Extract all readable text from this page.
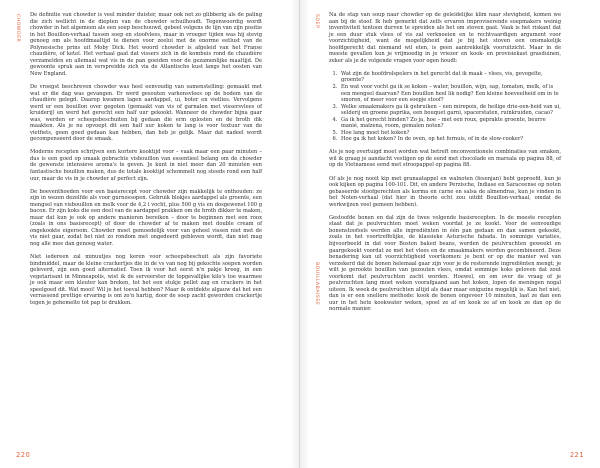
CHOWDER De definitie van chowder is veel minder duister, maar ook net zo glibberig als de paling die zich wellicht in de diepten van de chowder schuilhoudt. Tegenwoordig wordt chowder in het algemeen als een soep beschouwd, gebeel volgens de lijn van zijn positie in het Bouillon-verhaal tussen soep en stoofvlees, maar in vroeger tijden was hij stevig genoeg om als hoofdmaaltijd te dienen voor zeelui met de enorme eetlust van de Polynesische prins uit Moby Dick. Het woord chowder is afgeleid van het Franse chaudière, of ketel. Het verhaal gaat dat vissers zich in de kombuis rond de chaudière verzamelden en allemaal wat vis in de pan goeiden voor de gezamenlijke maaltijd. De gewoonte sprak aan in verspreidde zich via de Atlantische kust langs het oosten van New England.

De vroegst beschreven chowder was heel eenvoudig van samenstelling: gemaakt met wat er die dag was gevangen. Er werd gesouten varkensvlees op de bodem van de chaudière gelegd. Daarop kwamen lagen aardappel, ui, boter en vietlies. Vervolgens werd er een bouillon over gegoten (gemaakt van vis of garnalen met vissersvlees of kruiderij) en werd het gerecht een half uur gekookt. Wanneer de chowder bijna gaar was, werden er scheepsbeschuiten bij gedaan die erin oplosten en de broth dik maakten. Als je nu opvoept dit een half uur koken te lang is voor textuur van de vietfiets, geen goed gedaan kan hebben, dan heb je gelijk. Maar dat nadeel wordt gecompenseerd door de smaak.

Moderne recepten schrijven een kortere kooktijd voor – vaak maar een paar minuten – dus is een goed op smaak gebrachte visbouillon van essentieel belang om de chowder de gewenste intensieve aroma's te geven. Je kunt in niet meer dan 20 minuten een fantastische bouillon maken, dus de totale kooktijd schommelt nog steeds rond een half uur, maar de vis in je chowder af perfect zijn.

De boeventhoeden voor een basisrecept voor chowder zijn makkelijk te onthouden: ze zijn in wezen dezelfde als voor gurnossopen. Gebruik blokjes aardappel als groente, een mengsel van visbouillon en melk voor de 4,2 l vocht, plus 500 g vis en dosgewenst 100 g bacon. Er zijn koks die een deel van de aardappel prakken om de broth dikker te maken, maar dat kun je ook op andere manieren bereiken – door te beginnen met een roux (zoals in ons basisrecept) of door de chowder af te maken met double cream of ongekookte eigeroom. Chowder moet gemoedelijk voor van geheel vissen niet met de vis niet gaar, zodat het niet zo rondom met ongedeerd gebleven wordt, dan niet mag nog alle mee dan genoeg water.

Niet iedereen zal minuutjes nog keren voor scheepsbeschuit als zijn favoriete bindmiddel, maar de kleine crackertjes die in de vs van nog bij gekochte soepen worden geleverd, zijn een goed alternatief. Toen ik voor het eerst n'n pakje kreeg, in een vegetarisant in Minneapolis, wist ik de serveerster de topgevallijke kilo's toe waarmee je ook maar een kleuter kan breken, tot het een stukje pellet zag en crackers in het speelgoed dit. Wat mooi! Wil je het toeval hebben? Maar ik ontdekte algauw dat het een verrassend prettige ervaring is om zo'n hartig, door de soep zacht geworden crackertje tegen je gehemelte tot pap te drukken.

220
SOEP
BOUILLABAISSE

Na de stap van soup naar chowder op de geleidelijke klim naar stevigheid, komen we aan bij de stoof. Ik heb gemerkt dat zelfs ervaren improviserende soepmakers weinig inventiviteit tentoon durven te spreiden als het om stoven gaat. Vaak is het riskant dat je een duur stuk vlees of vis zal verknoeien en te rechtvaardigen argument voor voorzichtigheid, want de mogelijkheid dat je bij het stoven een onsmakelijk hoofdgerecht dat niemand wil eten, is geen aantrekkelijk vooruitzicht. Maar in de meeste gevallen kun je vrijmoedig in je vriezer en kook- en provisiekast grasduinen, zeker als je de volgende vragen voor ogen houdt:

1. Wat zijn de hoofdrolspelers in het gerecht dat ik maak – vlees, vis, gevogelte, groente?
2. En wat voor vocht ga ik se koken – water, bouillon, wijn, sap, tomaten, melk, of is een mengsel daarvan? Een bouillon heel lik nodig? Een kleine hoeveelheid om in te smoren, of meer voor een soepje stoof?
3. Welke smaakmakers ga ik gebruiken – een mirepoix, de heilige drie-een-heid van ui, selderij en groene paprika, een bouquet garni, spacerstaten, ruinkruiden, cacao?
4. Ga ik het gerecht binden? Zo ja, hoe – met een roux, geprakte groente, beurre manié, maïzena, room, gemalen noten?
5. Hoe lang moet het koken?
6. Hoe ga ik het koken? In de oven, op het fornuis, of in de slow-cooker?

Als je nog overtuigd moet worden wat betreft onconventionele combinaties van smaken, wil ik graag je aandacht vestigen op de eend met chocolade en marsala op pagina 88, of op de Vietnamese eend met stroopappel op pagina 88.

Of als je nog nooit kip met granaatappel en walnoten (fesenjan) hebt geproefd, kun je ook kijken op pagina 100-101. Dit, en andere Perzische, Indiase en Saraceense op noten gebaseerde stoofgerechten als korma en carne en salsa de almendras, kun je vinden in het Noten-verhaal (dat hier in theorie echt zou uitdit Bouillon-verhaal, omdat de werkwijzen veel gemeen hebben).

Gestoofde bonen en dal zijn de twee volgende basisrecepten. In de meeste recepten staat dat je peulvruchten moet weken voordat je ze kookt. Voor de eenvoudige bonenstoofsels werden alle ingrediënten in één pan gedaan en dan samen gekookt, zoals in het voortreffelijke, de klassieke Asturische fabada. In sommige variaties, bijvoorbeeld in dat voor Boston baked beans, werden de peulvruchten geweekt en gaargekookt voordat ze met het vlees en de smaakmakers werden gecombineerd. Deze benadering kan uit voorzichtigheid voortkomen: je bent er op die manier wel van verzekerd dat de bonen helemaal gaar zijn voor je de resterende ingrediënten mengt; je wilt je gerookte bouillon van gezouten vlees, omdat sommige koks geloven dat zout voorkomt dat peulvruchten zacht worden. Hoewel, en om over de vraag of je peulvruchten lang moet weken voorafgaand aan het koken, lopen de meningen nogal uiteen. Ik week de peulvruchten altijd als daar maar enigszins mogelijk is. Kan het niet, dan is er een snellere methode: kook de bonen ongeveer 10 minuten, laat ze dan een uur in het hete kookwater weken, spoel ze af en kook ze af en kook ze dan op de normale manier.

221
